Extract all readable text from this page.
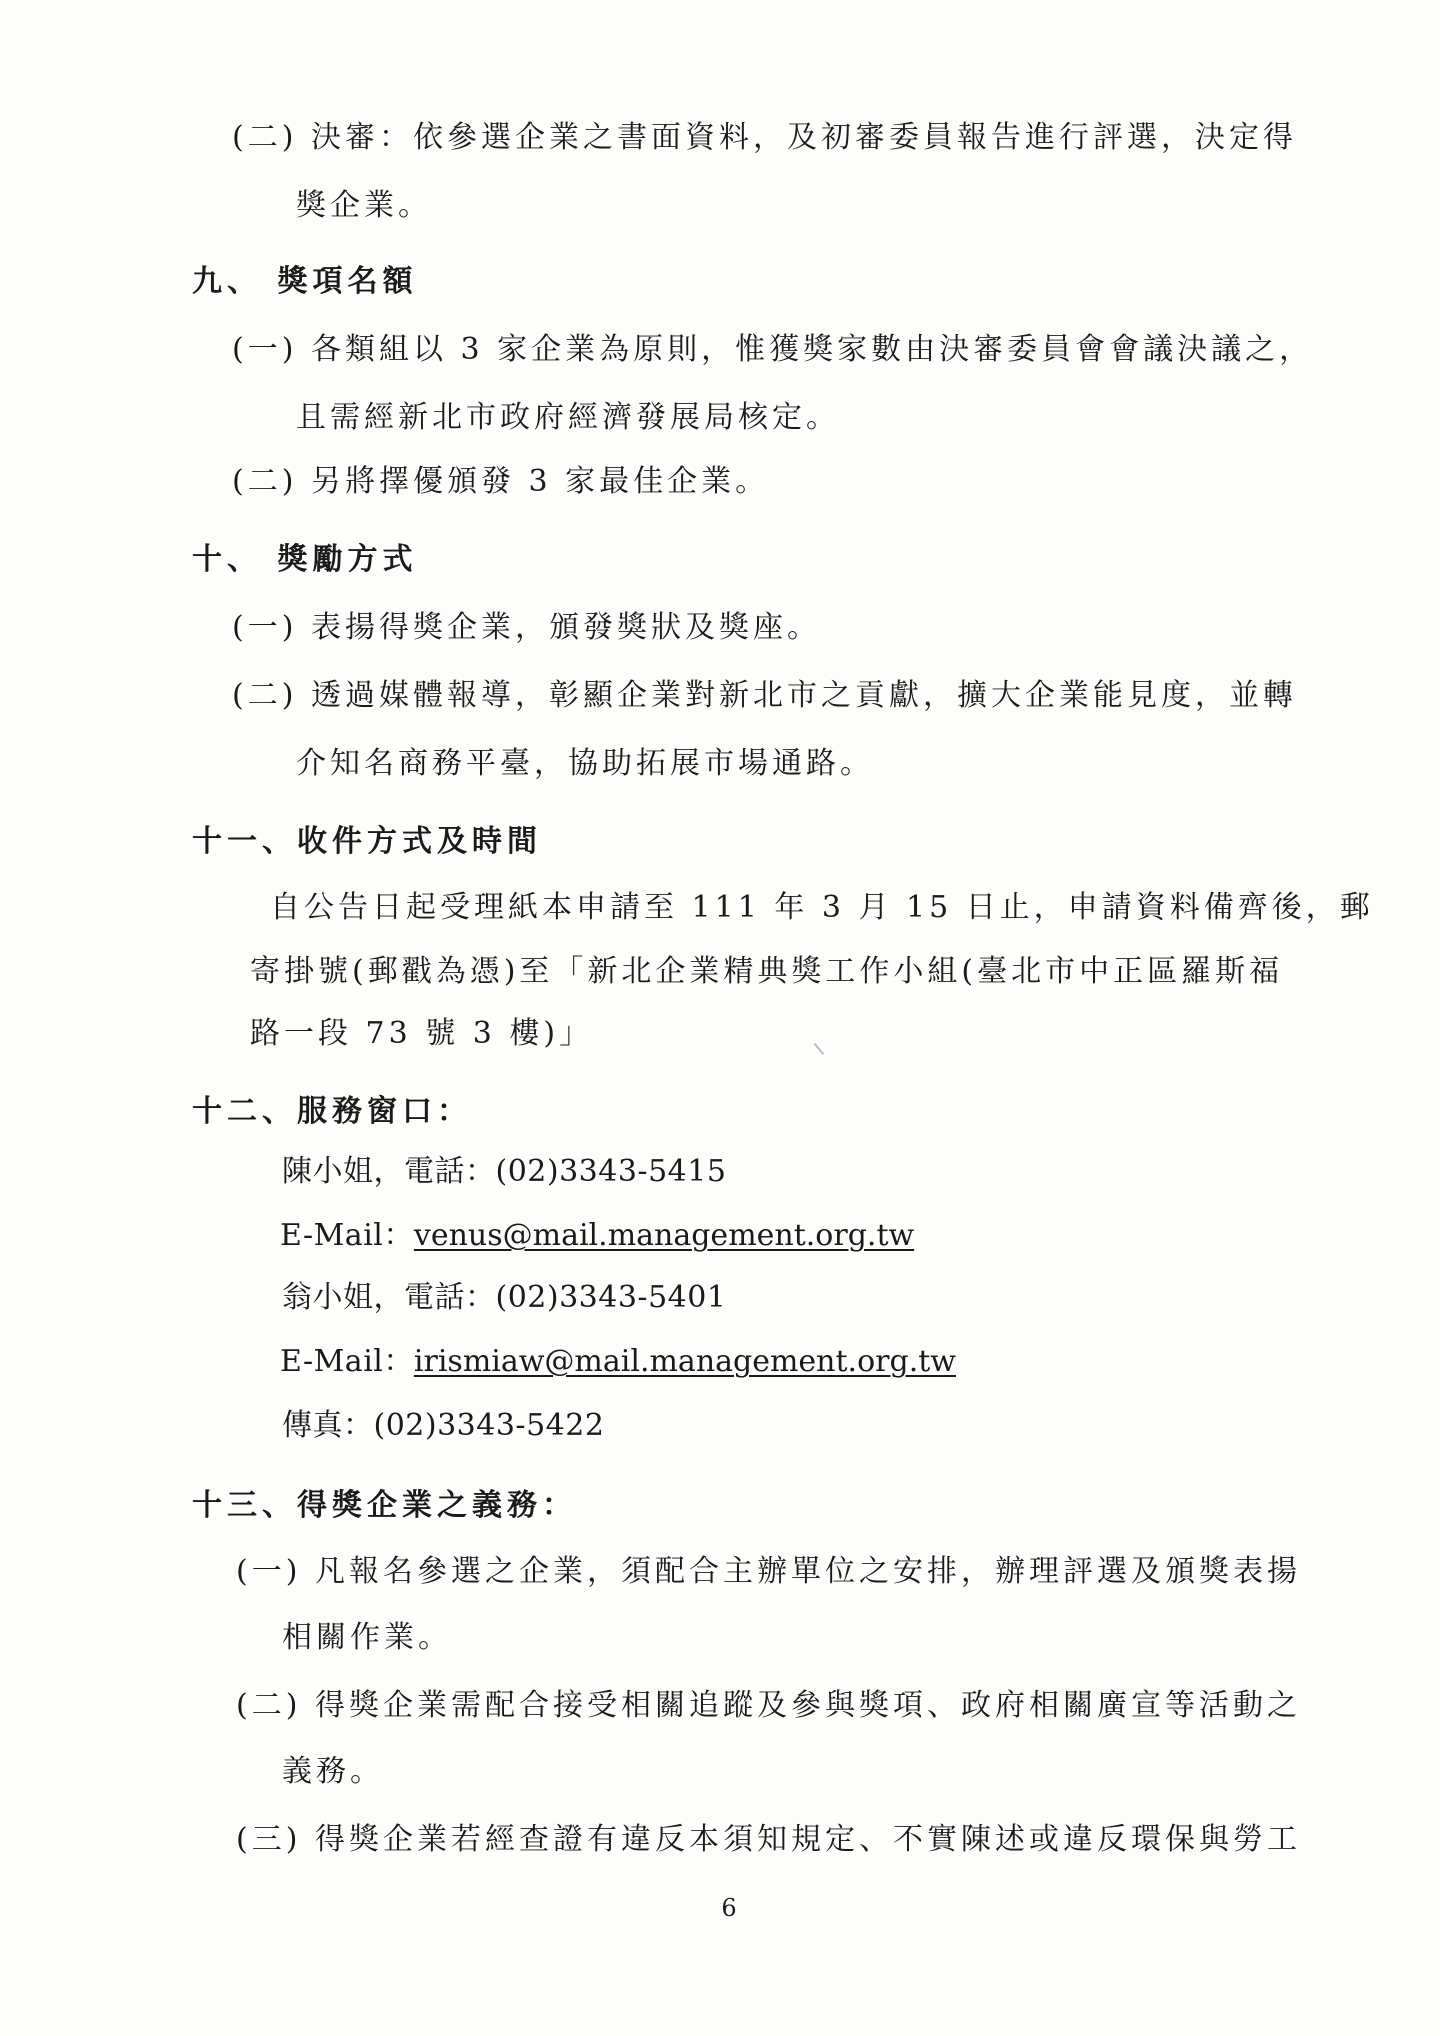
(二) 決審：依參選企業之書面資料，及初審委員報告進行評選，決定得
獎企業。
九、 獎項名額
(一) 各類組以 3 家企業為原則，惟獲獎家數由決審委員會會議決議之，
且需經新北市政府經濟發展局核定。
(二) 另將擇優頒發 3 家最佳企業。
十、 獎勵方式
(一) 表揚得獎企業，頒發獎狀及獎座。
(二) 透過媒體報導，彰顯企業對新北市之貢獻，擴大企業能見度，並轉
介知名商務平臺，協助拓展市場通路。
十一、收件方式及時間
自公告日起受理紙本申請至 111 年 3 月 15 日止，申請資料備齊後，郵
寄掛號(郵戳為憑)至「新北企業精典獎工作小組(臺北市中正區羅斯福
路一段 73 號 3 樓)」
十二、服務窗口：
陳小姐，電話：(02)3343-5415
E-Mail：venus@mail.management.org.tw
翁小姐，電話：(02)3343-5401
E-Mail：irismiaw@mail.management.org.tw
傳真：(02)3343-5422
十三、得獎企業之義務：
(一) 凡報名參選之企業，須配合主辦單位之安排，辦理評選及頒獎表揚
相關作業。
(二) 得獎企業需配合接受相關追蹤及參與獎項、政府相關廣宣等活動之
義務。
(三) 得獎企業若經查證有違反本須知規定、不實陳述或違反環保與勞工
6
